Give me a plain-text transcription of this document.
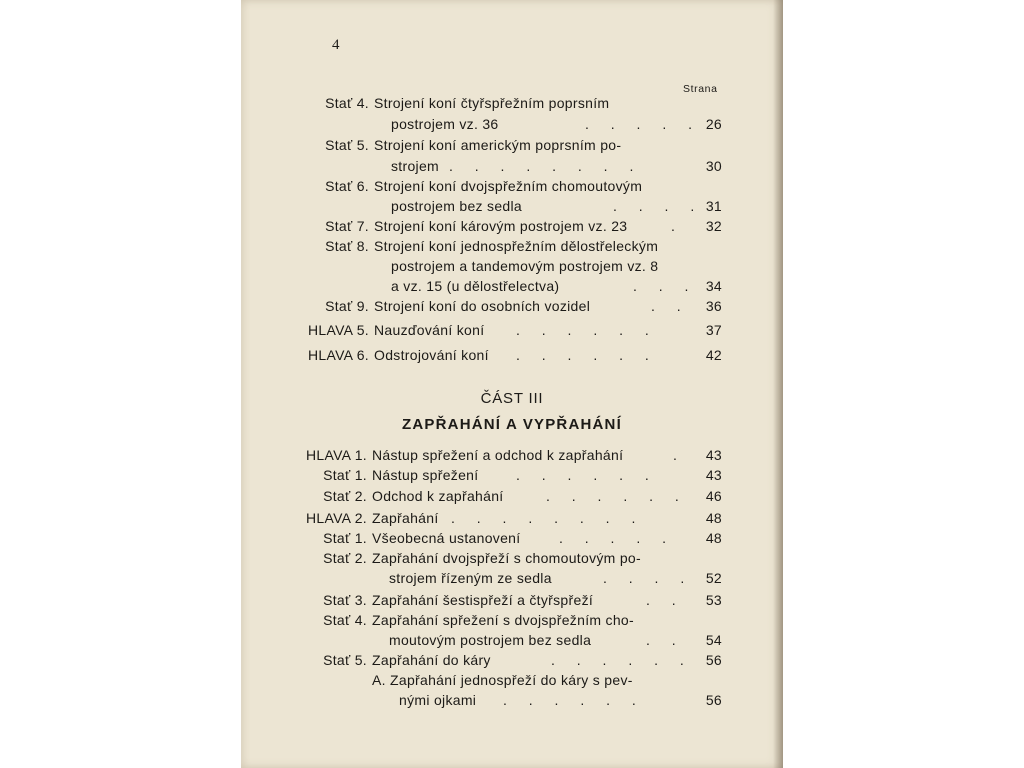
4
Strana
Stať 4. Strojení koní čtyřspřežním poprsním
postrojem vz. 36	. . . . . 26
Stať 5. Strojení koní americkým poprsním po-
strojem . . . . . . . .	30
Stať 6. Strojení koní dvojspřežním chomoutovým
postrojem bez sedla	. . . . 31
Stať 7. Strojení koní károvým postrojem vz. 23	.	32
Stať 8. Strojení koní jednospřežním dělostřeleckým
postrojem a tandemovým postrojem vz. 8
a vz. 15 (u dělostřelectva)	. . . 34
Stať 9. Strojení koní do osobních vozidel	. .	36
HLAVA 5. Nauzďování koní . . . . . .	37
HLAVA 6. Odstrojování koní . . . . . .	42
ČÁST III
ZAPŘAHÁNÍ A VYPŘAHÁNÍ
HLAVA 1. Nástup spřežení a odchod k zapřahání	.	43
Stať 1. Nástup spřežení	. . . . . .	43
Stať 2. Odchod k zapřahání	. . . . . .	46
HLAVA 2. Zapřahání . . . . . . . .	48
Stať 1. Všeobecná ustanovení	. . . . .	48
Stať 2. Zapřahání dvojspřeží s chomoutovým po-
strojem řízeným ze sedla	. . . . 52
Stať 3. Zapřahání šestispřeží a čtyřspřeží	. .	53
Stať 4. Zapřahání spřežení s dvojspřežním cho-
moutovým postrojem bez sedla	. .	54
Stať 5. Zapřahání do káry	. . . . . . 56
A. Zapřahání jednospřeží do káry s pev-
nými ojkami . . . . . .	56
